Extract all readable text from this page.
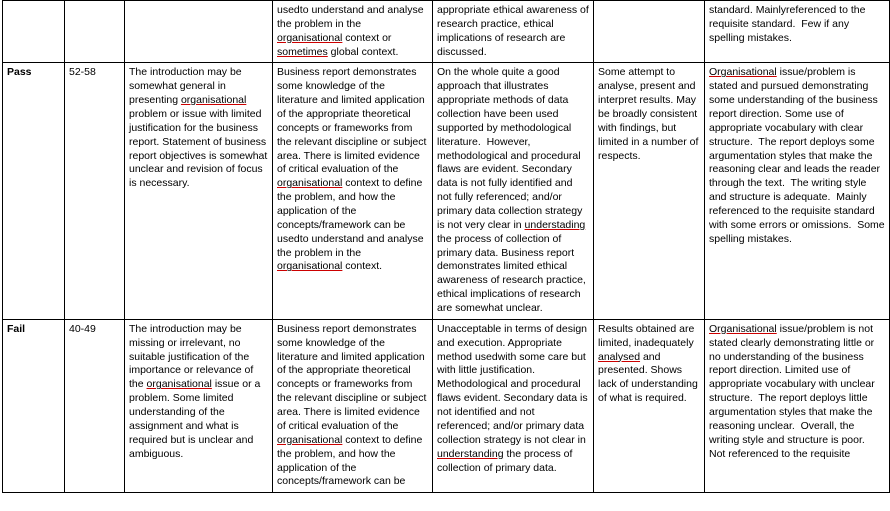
			usedto understand and analyse the problem in the organisational context or sometimes global context.	appropriate ethical awareness of research practice, ethical implications of research are discussed.		standard. Mainlyreferenced to the requisite standard.  Few if any spelling mistakes.
Pass	52-58	The introduction may be somewhat general in presenting organisational problem or issue with limited justification for the business report. Statement of business report objectives is somewhat unclear and revision of focus is necessary.	Business report demonstrates some knowledge of the literature and limited application of the appropriate theoretical concepts or frameworks from the relevant discipline or subject area. There is limited evidence of critical evaluation of the organisational context to define the problem, and how the application of the concepts/framework can be usedto understand and analyse the problem in the organisational context.	On the whole quite a good approach that illustrates appropriate methods of data collection have been used supported by methodological literature.  However, methodological and procedural flaws are evident. Secondary data is not fully identified and not fully referenced; and/or primary data collection strategy is not very clear in understading the process of collection of primary data. Business report demonstrates limited ethical awareness of research practice, ethical implications of research are somewhat unclear.	Some attempt to analyse, present and interpret results. May be broadly consistent with findings, but limited in a number of respects.	Organisational issue/problem is stated and pursued demonstrating some understanding of the business report direction. Some use of appropriate vocabulary with clear structure.  The report deploys some argumentation styles that make the reasoning clear and leads the reader through the text.  The writing style and structure is adequate.  Mainly referenced to the requisite standard with some errors or omissions.  Some spelling mistakes.

Fail	40-49	The introduction may be missing or irrelevant, no suitable justification of the importance or relevance of the organisational issue or a problem. Some limited understanding of the assignment and what is required but is unclear and ambiguous.	Business report demonstrates some knowledge of the literature and limited application of the appropriate theoretical concepts or frameworks from the relevant discipline or subject area. There is limited evidence of critical evaluation of the organisational context to define the problem, and how the application of the concepts/framework can be	Unacceptable in terms of design and execution. Appropriate method usedwith some care but with little justification.  Methodological and procedural flaws evident. Secondary data is not identified and not referenced; and/or primary data collection strategy is not clear in understanding the process of collection of primary data.	Results obtained are limited, inadequately analysed and presented. Shows lack of understanding of what is required.	Organisational issue/problem is not stated clearly demonstrating little or no understanding of the business report direction. Limited use of appropriate vocabulary with unclear structure.  The report deploys little argumentation styles that make the reasoning unclear.  Overall, the writing style and structure is poor.   Not referenced to the requisite
